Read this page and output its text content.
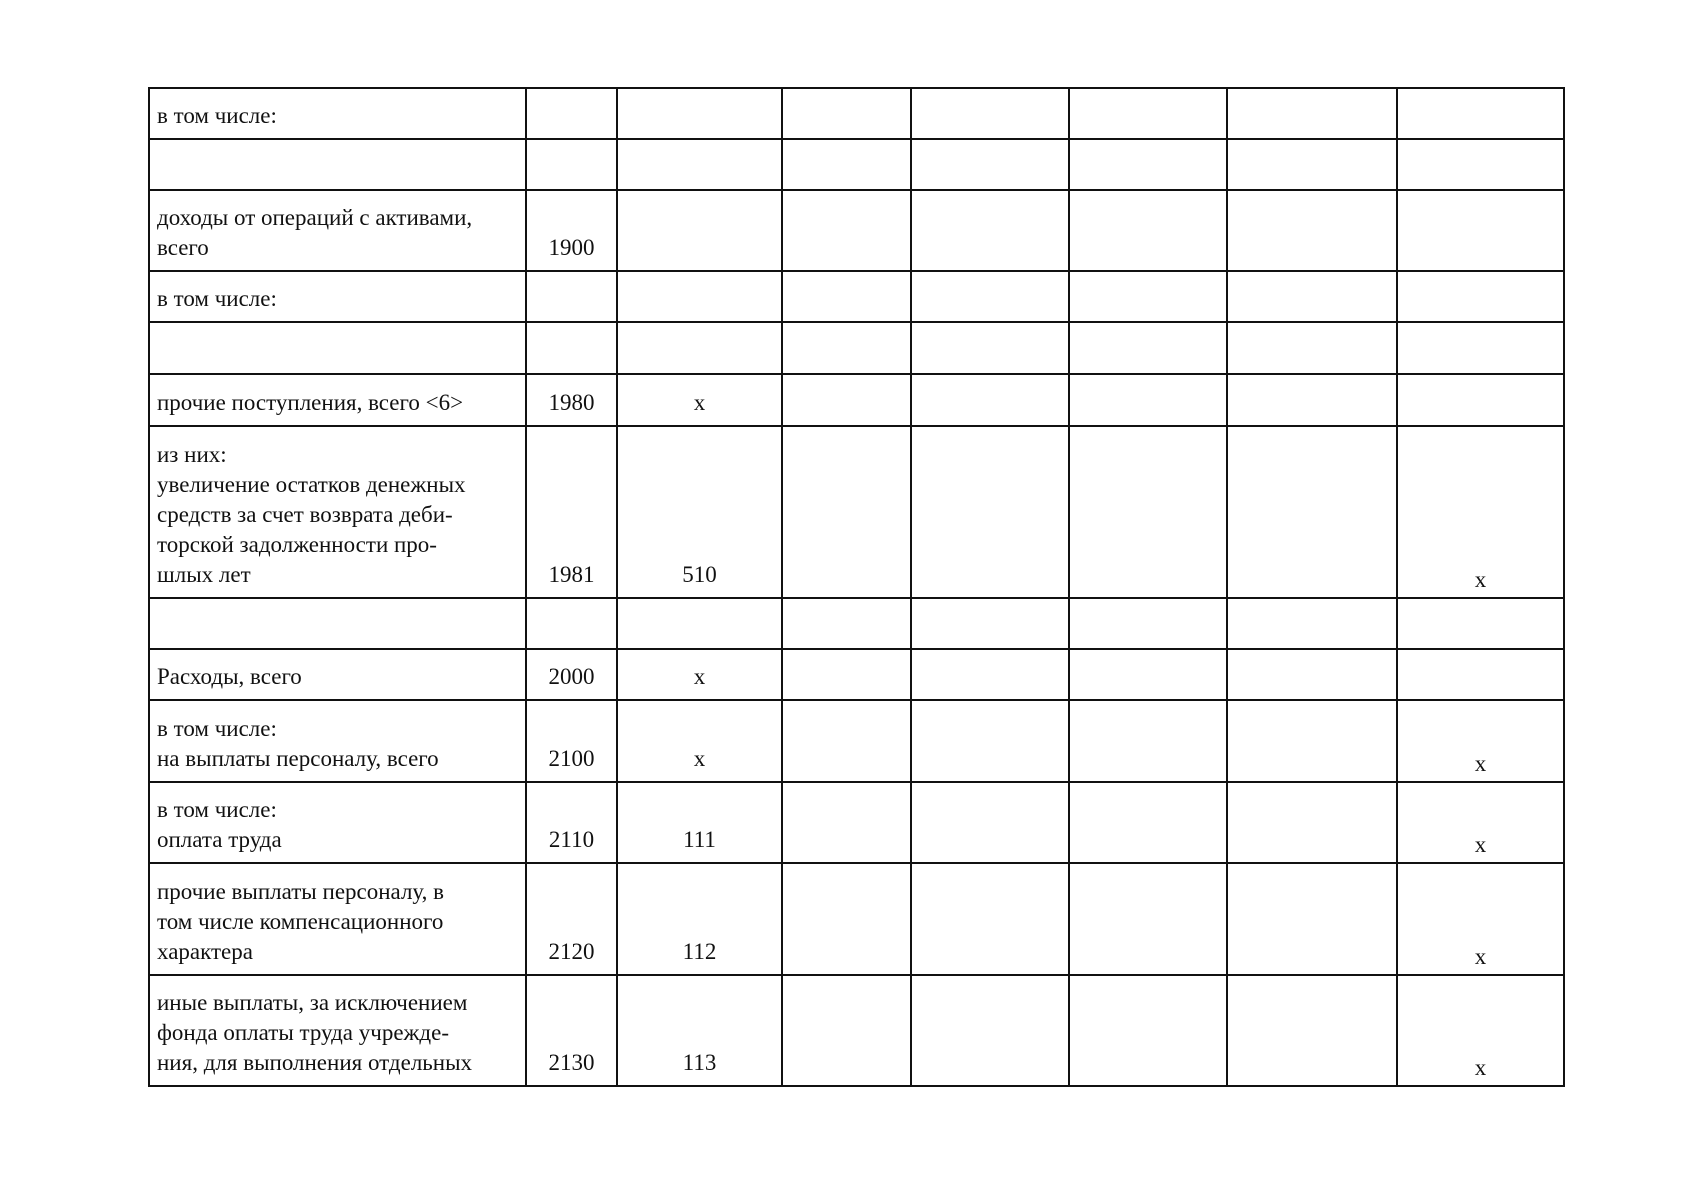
в том числе:							

доходы от операций с активами,
всего	1900						
в том числе:							

прочие поступления, всего <6>	1980	х					
из них:
увеличение остатков денежных
средств за счет возврата деби-
торской задолженности про-
шлых лет	1981	510					х

Расходы, всего	2000	х					
в том числе:
на выплаты персоналу, всего	2100	х					х
в том числе:
оплата труда	2110	111					х
прочие выплаты персоналу, в
том числе компенсационного
характера	2120	112					х
иные выплаты, за исключением
фонда оплаты труда учрежде-
ния, для выполнения отдельных	2130	113					х
